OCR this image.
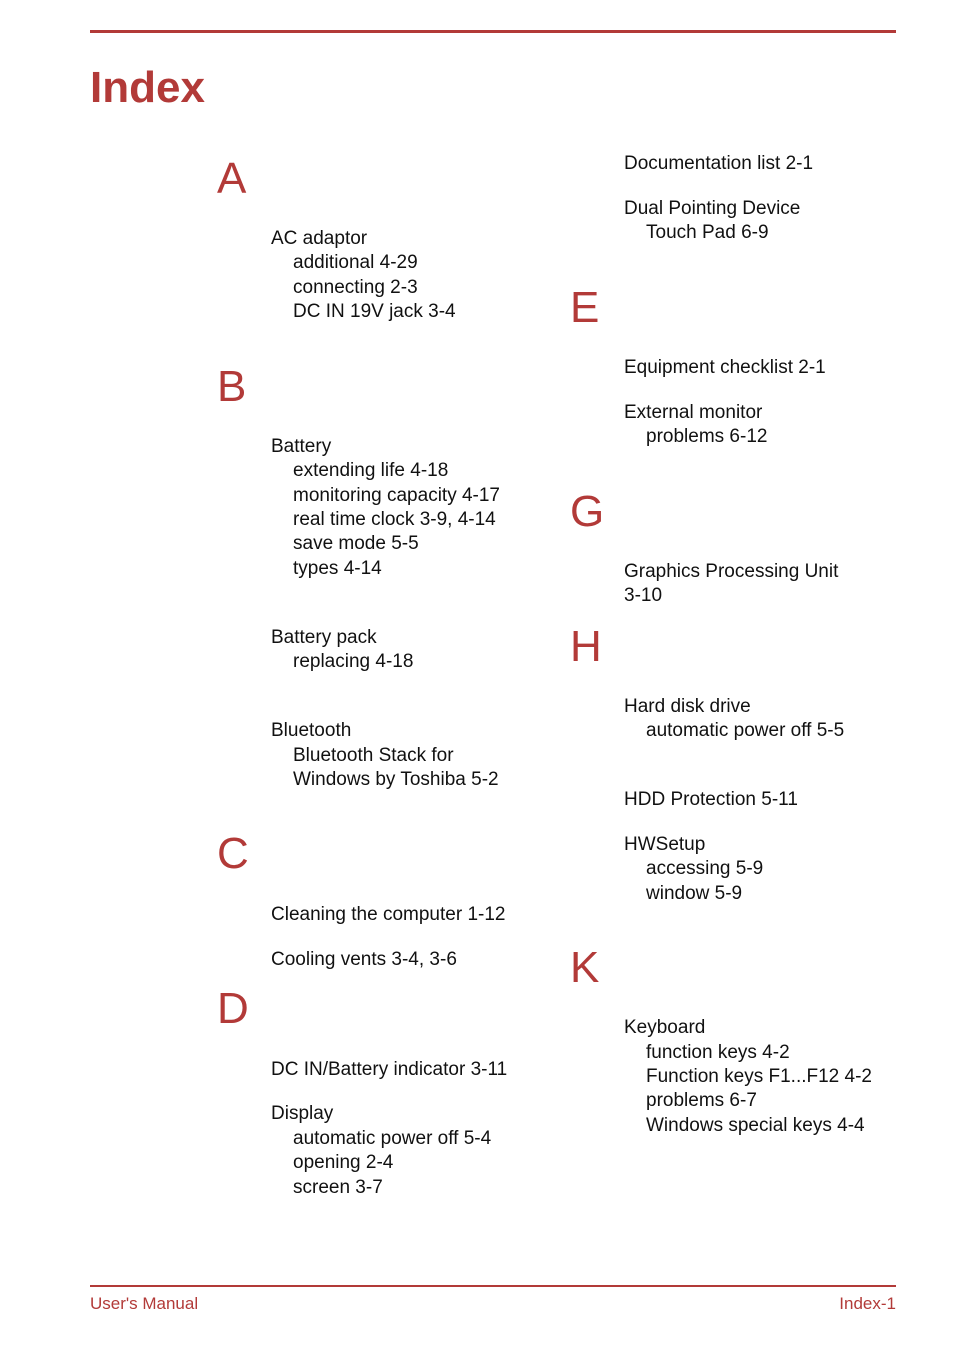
Index
A
AC adaptor
additional 4-29
connecting 2-3
DC IN 19V jack 3-4
B
Battery
extending life 4-18
monitoring capacity 4-17
real time clock 3-9, 4-14
save mode 5-5
types 4-14
Battery pack
replacing 4-18
Bluetooth
Bluetooth Stack for
Windows by Toshiba 5-2
C
Cleaning the computer 1-12
Cooling vents 3-4, 3-6
D
DC IN/Battery indicator 3-11
Display
automatic power off 5-4
opening 2-4
screen 3-7
Documentation list 2-1
Dual Pointing Device
Touch Pad 6-9
E
Equipment checklist 2-1
External monitor
problems 6-12
G
Graphics Processing Unit
3-10
H
Hard disk drive
automatic power off 5-5
HDD Protection 5-11
HWSetup
accessing 5-9
window 5-9
K
Keyboard
function keys 4-2
Function keys F1...F12 4-2
problems 6-7
Windows special keys 4-4
User's Manual	Index-1
